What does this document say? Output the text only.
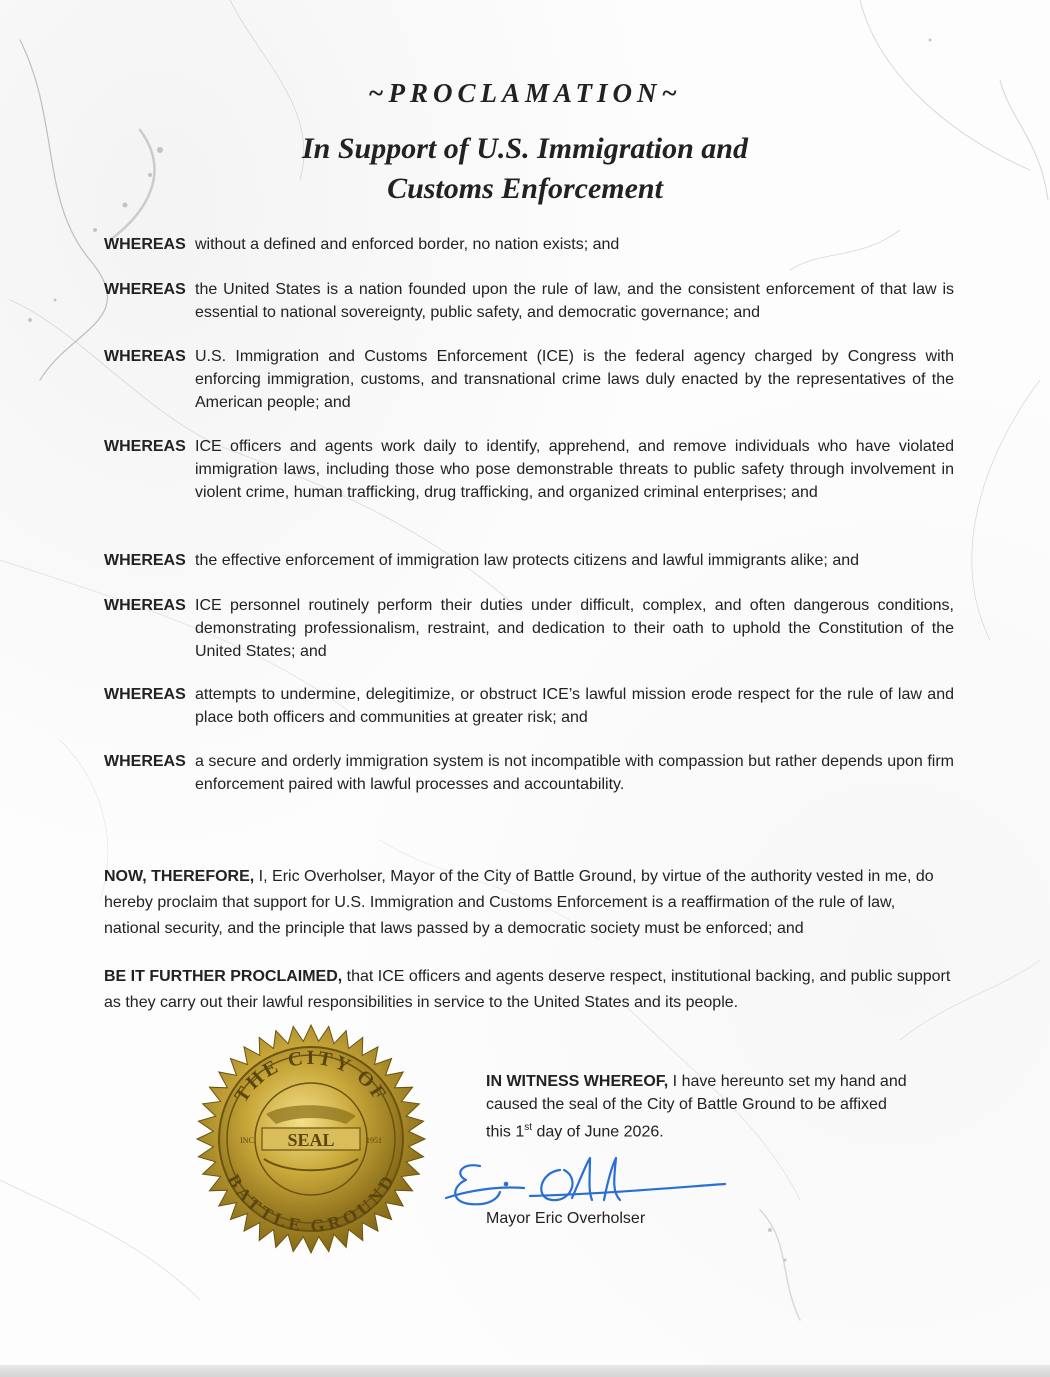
~PROCLAMATION~
In Support of U.S. Immigration and
Customs Enforcement
WHEREAS without a defined and enforced border, no nation exists; and
WHEREAS the United States is a nation founded upon the rule of law, and the consistent enforcement of that law is essential to national sovereignty, public safety, and democratic governance; and
WHEREAS U.S. Immigration and Customs Enforcement (ICE) is the federal agency charged by Congress with enforcing immigration, customs, and transnational crime laws duly enacted by the representatives of the American people; and
WHEREAS ICE officers and agents work daily to identify, apprehend, and remove individuals who have violated immigration laws, including those who pose demonstrable threats to public safety through involvement in violent crime, human trafficking, drug trafficking, and organized criminal enterprises; and
WHEREAS the effective enforcement of immigration law protects citizens and lawful immigrants alike; and
WHEREAS ICE personnel routinely perform their duties under difficult, complex, and often dangerous conditions, demonstrating professionalism, restraint, and dedication to their oath to uphold the Constitution of the United States; and
WHEREAS attempts to undermine, delegitimize, or obstruct ICE’s lawful mission erode respect for the rule of law and place both officers and communities at greater risk; and
WHEREAS a secure and orderly immigration system is not incompatible with compassion but rather depends upon firm enforcement paired with lawful processes and accountability.
NOW, THEREFORE, I, Eric Overholser, Mayor of the City of Battle Ground, by virtue of the authority vested in me, do hereby proclaim that support for U.S. Immigration and Customs Enforcement is a reaffirmation of the rule of law, national security, and the principle that laws passed by a democratic society must be enforced; and
BE IT FURTHER PROCLAIMED, that ICE officers and agents deserve respect, institutional backing, and public support as they carry out their lawful responsibilities in service to the United States and its people.
SEAL
INC.	1951
THE CITY OF
BATTLE GROUND
IN WITNESS WHEREOF, I have hereunto set my hand and caused the seal of the City of Battle Ground to be affixed this 1st day of June 2026.
Mayor Eric Overholser
